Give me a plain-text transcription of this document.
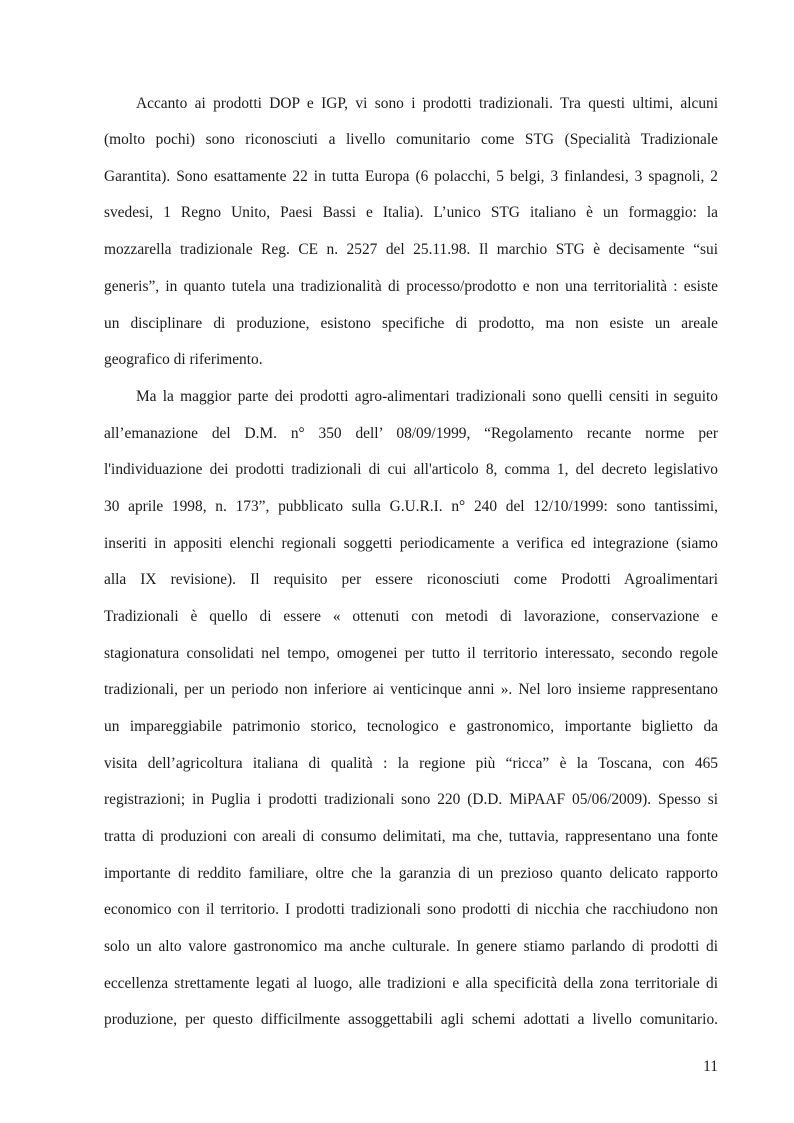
Accanto ai prodotti DOP e IGP, vi sono i prodotti tradizionali. Tra questi ultimi, alcuni
(molto pochi) sono riconosciuti a livello comunitario come STG (Specialità Tradizionale
Garantita). Sono esattamente 22 in tutta Europa (6 polacchi, 5 belgi, 3 finlandesi, 3 spagnoli, 2
svedesi, 1 Regno Unito, Paesi Bassi e Italia). L’unico STG italiano è un formaggio: la
mozzarella tradizionale Reg. CE n. 2527 del 25.11.98. Il marchio STG è decisamente “sui
generis”, in quanto tutela una tradizionalità di processo/prodotto e non una territorialità : esiste
un disciplinare di produzione, esistono specifiche di prodotto, ma non esiste un areale
geografico di riferimento.
Ma la maggior parte dei prodotti agro-alimentari tradizionali sono quelli censiti in seguito
all’emanazione del D.M. n° 350 dell’ 08/09/1999, “Regolamento recante norme per
l'individuazione dei prodotti tradizionali di cui all'articolo 8, comma 1, del decreto legislativo
30 aprile 1998, n. 173”, pubblicato sulla G.U.R.I. n° 240 del 12/10/1999: sono tantissimi,
inseriti in appositi elenchi regionali soggetti periodicamente a verifica ed integrazione (siamo
alla IX revisione). Il requisito per essere riconosciuti come Prodotti Agroalimentari
Tradizionali è quello di essere « ottenuti con metodi di lavorazione, conservazione e
stagionatura consolidati nel tempo, omogenei per tutto il territorio interessato, secondo regole
tradizionali, per un periodo non inferiore ai venticinque anni ». Nel loro insieme rappresentano
un impareggiabile patrimonio storico, tecnologico e gastronomico, importante biglietto da
visita dell’agricoltura italiana di qualità : la regione più “ricca” è la Toscana, con 465
registrazioni; in Puglia i prodotti tradizionali sono 220 (D.D. MiPAAF 05/06/2009). Spesso si
tratta di produzioni con areali di consumo delimitati, ma che, tuttavia, rappresentano una fonte
importante di reddito familiare, oltre che la garanzia di un prezioso quanto delicato rapporto
economico con il territorio. I prodotti tradizionali sono prodotti di nicchia che racchiudono non
solo un alto valore gastronomico ma anche culturale. In genere stiamo parlando di prodotti di
eccellenza strettamente legati al luogo, alle tradizioni e alla specificità della zona territoriale di
produzione, per questo difficilmente assoggettabili agli schemi adottati a livello comunitario.
11
